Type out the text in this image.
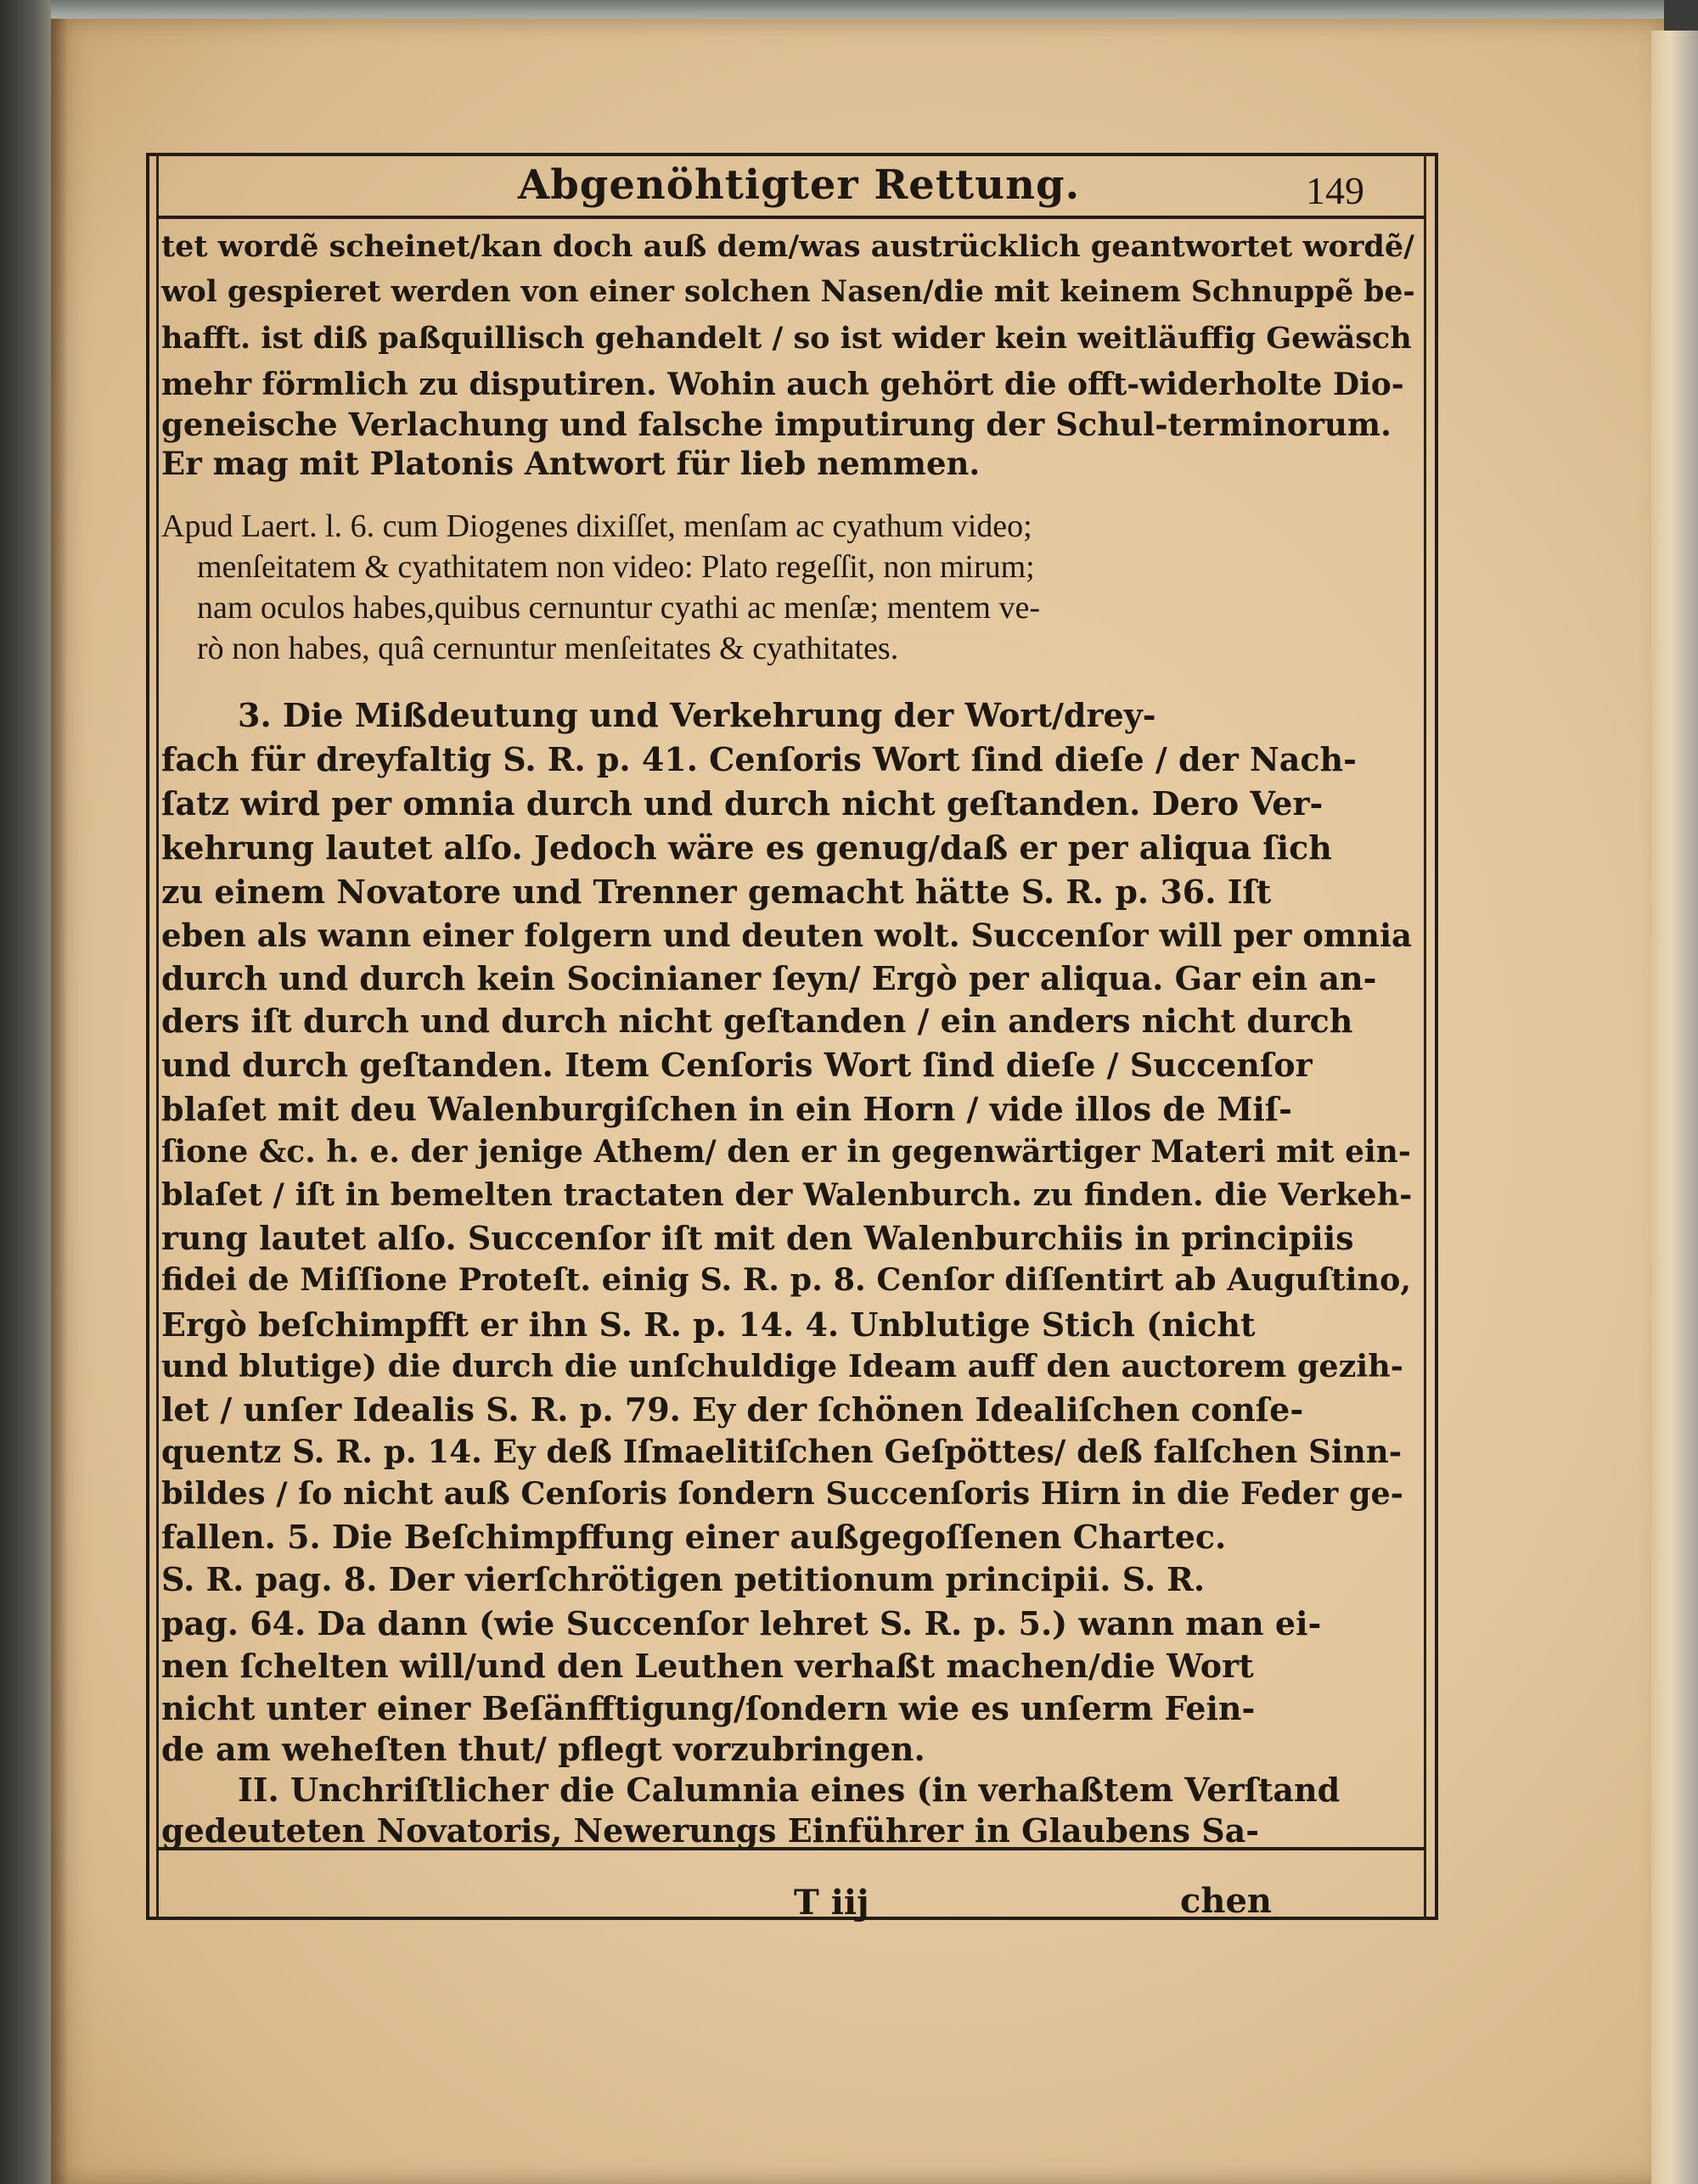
Abgenöhtigter Rettung.	149
tet wordẽ scheinet/kan doch auß dem/was austrücklich geantwortet wordẽ/
wol gespieret werden von einer solchen Nasen/die mit keinem Schnuppẽ be-
hafft. ist diß paßquillisch gehandelt / so ist wider kein weitläuffig Gewäsch
mehr förmlich zu disputiren. Wohin auch gehört die offt-widerholte Dio-
geneische Verlachung und falsche imputirung der Schul-terminorum.
Er mag mit Platonis Antwort für lieb nemmen.
Apud Laert. l. 6. cum Diogenes dixiſſet, menſam ac cyathum video;
menſeitatem & cyathitatem non video: Plato regeſſit, non mirum;
nam oculos habes,quibus cernuntur cyathi ac menſæ; mentem ve-
rò non habes, quâ cernuntur menſeitates & cyathitates.
3. Die Mißdeutung und Verkehrung der Wort/drey-
fach für dreyfaltig S. R. p. 41. Cenſoris Wort ſind dieſe / der Nach-
ſatz wird per omnia durch und durch nicht geſtanden. Dero Ver-
kehrung lautet alſo. Jedoch wäre es genug/daß er per aliqua ſich
zu einem Novatore und Trenner gemacht hätte S. R. p. 36. Iſt
eben als wann einer folgern und deuten wolt. Succenſor will per omnia
durch und durch kein Socinianer ſeyn/ Ergò per aliqua. Gar ein an-
ders iſt durch und durch nicht geſtanden / ein anders nicht durch
und durch geſtanden. Item Cenſoris Wort ſind dieſe / Succenſor
blaſet mit deu Walenburgiſchen in ein Horn / vide illos de Miſ-
ſione &c. h. e. der jenige Athem/ den er in gegenwärtiger Materi mit ein-
blaſet / iſt in bemelten tractaten der Walenburch. zu finden. die Verkeh-
rung lautet alſo. Succenſor iſt mit den Walenburchiis in principiis
fidei de Miſſione Proteſt. einig S. R. p. 8. Cenſor diſſentirt ab Auguſtino,
Ergò beſchimpfft er ihn S. R. p. 14. 4. Unblutige Stich (nicht
und blutige) die durch die unſchuldige Ideam auff den auctorem gezih-
let / unſer Idealis S. R. p. 79. Ey der ſchönen Idealiſchen conſe-
quentz S. R. p. 14. Ey deß Iſmaelitiſchen Geſpöttes/ deß falſchen Sinn-
bildes / ſo nicht auß Cenſoris ſondern Succenſoris Hirn in die Feder ge-
fallen. 5. Die Beſchimpffung einer außgegoſſenen Chartec.
S. R. pag. 8. Der vierſchrötigen petitionum principii. S. R.
pag. 64. Da dann (wie Succenſor lehret S. R. p. 5.) wann man ei-
nen ſchelten will/und den Leuthen verhaßt machen/die Wort
nicht unter einer Beſänfftigung/ſondern wie es unſerm Fein-
de am weheſten thut/ pflegt vorzubringen.
II. Unchriſtlicher die Calumnia eines (in verhaßtem Verſtand
gedeuteten Novatoris, Newerungs Einführer in Glaubens Sa-
T iij	chen
